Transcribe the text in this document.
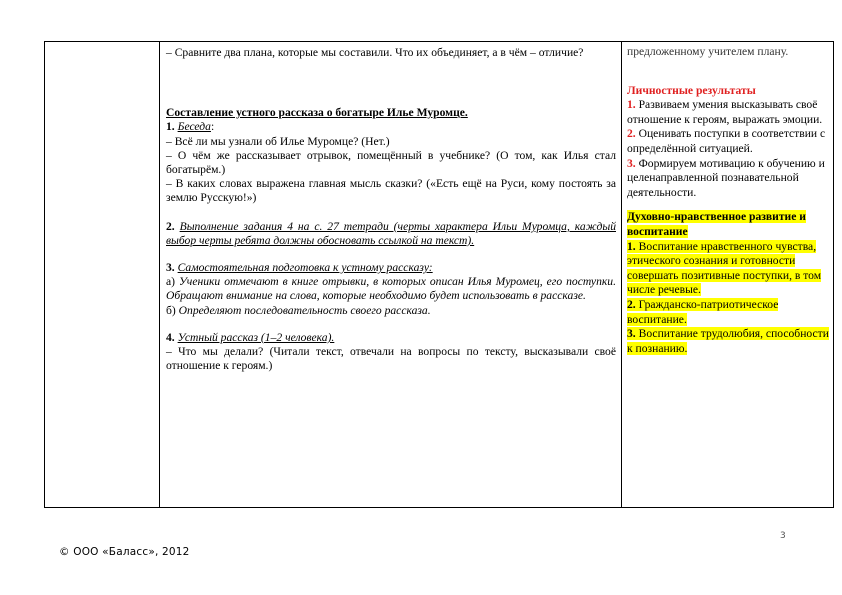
– Сравните два плана, которые мы составили. Что их объединяет, а в чём – отличие?

Составление устного рассказа о богатыре Илье Муромце.

1. Беседа:

– Всё ли мы узнали об Илье Муромце? (Нет.)

– О чём же рассказывает отрывок, помещённый в учебнике? (О том, как Илья стал богатырём.)

– В каких словах выражена главная мысль сказки? («Есть ещё на Руси, кому постоять за землю Русскую!»)

2. Выполнение задания 4 на с. 27 тетради (черты характера Ильи Муромца, каждый выбор черты ребята должны обосновать ссылкой на текст).

3. Самостоятельная подготовка к устному рассказу:

а) Ученики отмечают в книге отрывки, в которых описан Илья Муромец, его поступки. Обращают внимание на слова, которые необходимо будет использовать в рассказе.

б) Определяют последовательность своего рассказа.

4. Устный рассказ (1–2 человека).

– Что мы делали? (Читали текст, отвечали на вопросы по тексту, высказывали своё отношение к героям.)

предложенному учителем плану.

Личностные результаты

1. Развиваем умения высказывать своё отношение к героям, выражать эмоции.

2. Оценивать поступки в соответствии с определённой ситуацией.

3. Формируем мотивацию к обучению и целенаправленной познавательной деятельности.

Духовно-нравственное развитие и воспитание

1. Воспитание нравственного чувства, этического сознания и готовности совершать позитивные поступки, в том числе речевые.

2. Гражданско-патриотическое воспитание.

3. Воспитание трудолюбия, способности к познанию.

3
© ООО «Баласс», 2012
